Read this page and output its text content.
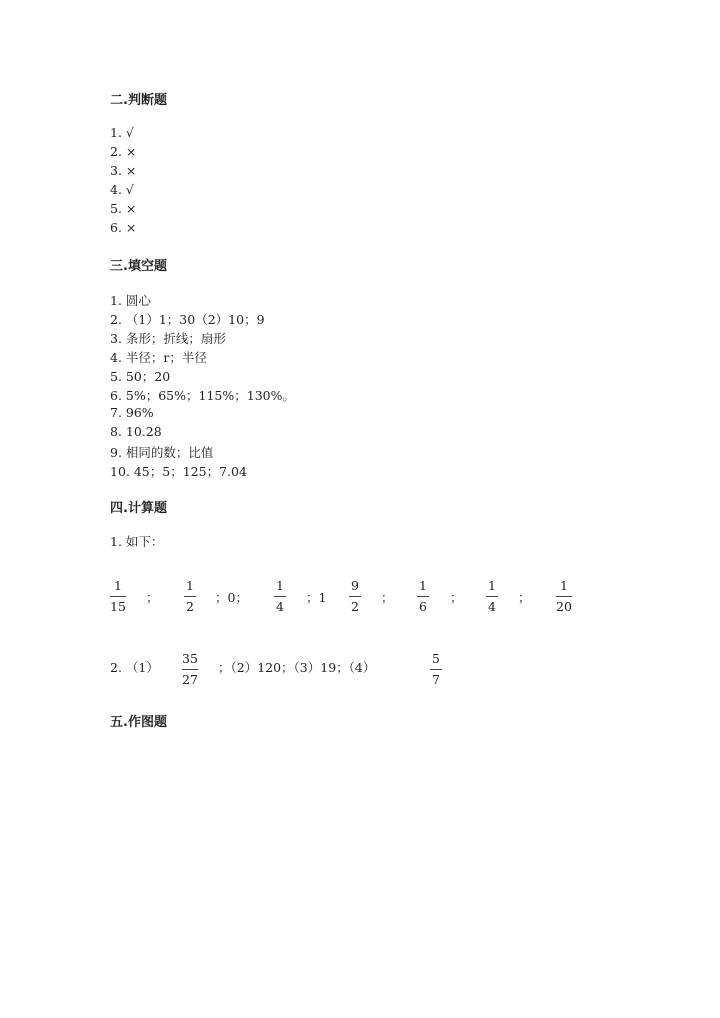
二.判断题
1. √
2. ×
3. ×
4. √
5. ×
6. ×
三.填空题
1. 圆心
2. （1）1；30（2）10；9
3. 条形；折线；扇形
4. 半径；r；半径
5. 50；20
6. 5%；65%；115%；130%。
7. 96%
8. 10.28
9. 相同的数；比值
10. 45；5；125；7.04
四.计算题
1. 如下：
1
15
；
1
2
；0；
1
4
；1
9
2
；
1
6
；
1
4
；
1
20
2. （1）
35
27
；（2）120；（3）19；（4）
5
7
五.作图题
